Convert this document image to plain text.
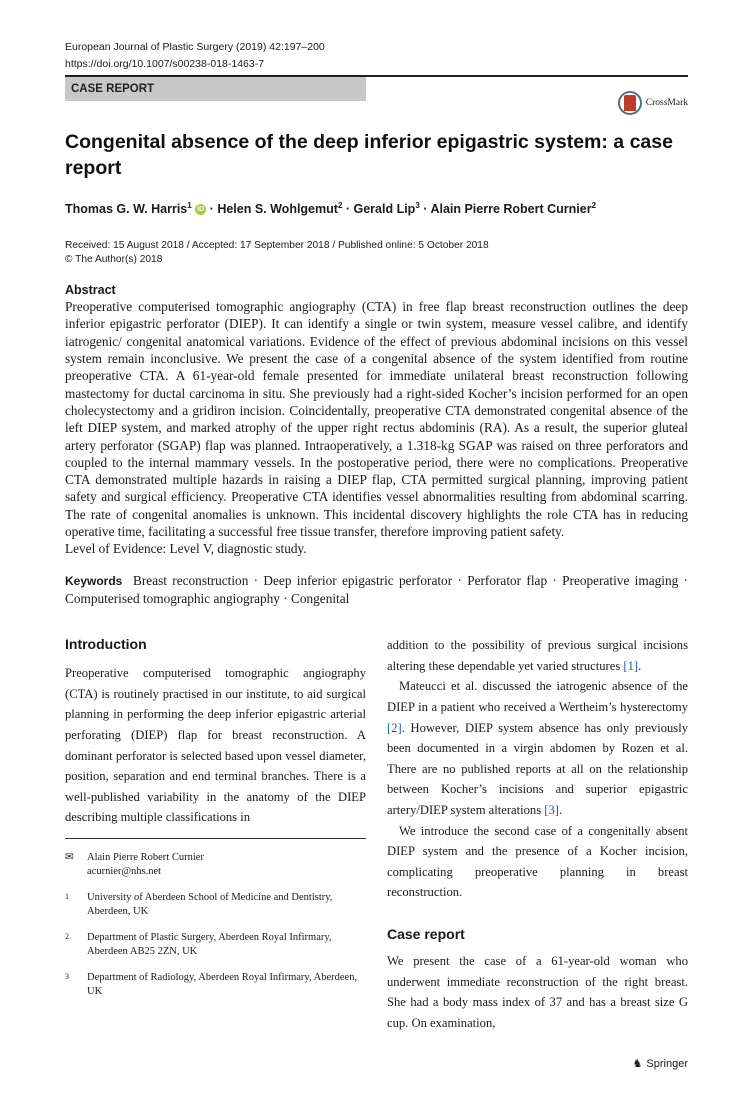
European Journal of Plastic Surgery (2019) 42:197–200
https://doi.org/10.1007/s00238-018-1463-7
CASE REPORT
CrossMark
Congenital absence of the deep inferior epigastric system: a case report
Thomas G. W. Harris$^1$ iD · Helen S. Wohlgemut$^2$ · Gerald Lip$^3$ · Alain Pierre Robert Curnier$^2$
Received: 15 August 2018 / Accepted: 17 September 2018 / Published online: 5 October 2018
© The Author(s) 2018
Abstract
Preoperative computerised tomographic angiography (CTA) in free flap breast reconstruction outlines the deep inferior epigastric perforator (DIEP). It can identify a single or twin system, measure vessel calibre, and identify iatrogenic/ congenital anatomical variations. Evidence of the effect of previous abdominal incisions on this vessel system remain inconclusive. We present the case of a congenital absence of the system identified from routine preoperative CTA. A 61-year-old female presented for immediate unilateral breast reconstruction following mastectomy for ductal carcinoma in situ. She previously had a right-sided Kocher’s incision performed for an open cholecystectomy and a gridiron incision. Coincidentally, preoperative CTA demonstrated congenital absence of the left DIEP system, and marked atrophy of the upper right rectus abdominis (RA). As a result, the superior gluteal artery perforator (SGAP) flap was planned. Intraoperatively, a 1.318-kg SGAP was raised on three perforators and coupled to the internal mammary vessels. In the postoperative period, there were no complications. Preoperative CTA demonstrated multiple hazards in raising a DIEP flap, CTA permitted surgical planning, improving patient safety and surgical efficiency. Preoperative CTA identifies vessel abnormalities resulting from abdominal scarring. The rate of congenital anomalies is unknown. This incidental discovery highlights the role CTA has in reducing operative time, facilitating a successful free tissue transfer, therefore improving patient safety.
Level of Evidence: Level V, diagnostic study.
Keywords Breast reconstruction · Deep inferior epigastric perforator · Perforator flap · Preoperative imaging · Computerised tomographic angiography · Congenital
Introduction

Preoperative computerised tomographic angiography (CTA) is routinely practised in our institute, to aid surgical planning in performing the deep inferior epigastric arterial perforating (DIEP) flap for breast reconstruction. A dominant perforator is selected based upon vessel diameter, position, separation and end terminal branches. There is a well-published variability in the anatomy of the DIEP describing multiple classifications in

✉	Alain Pierre Robert Curnier
acurnier@nhs.net
1	University of Aberdeen School of Medicine and Dentistry, Aberdeen, UK
2	Department of Plastic Surgery, Aberdeen Royal Infirmary, Aberdeen AB25 2ZN, UK
3	Department of Radiology, Aberdeen Royal Infirmary, Aberdeen, UK

addition to the possibility of previous surgical incisions altering these dependable yet varied structures [1].

Mateucci et al. discussed the iatrogenic absence of the DIEP in a patient who received a Wertheim’s hysterectomy [2]. However, DIEP system absence has only previously been documented in a virgin abdomen by Rozen et al. There are no published reports at all on the relationship between Kocher’s incisions and superior epigastric artery/DIEP system alterations [3].

We introduce the second case of a congenitally absent DIEP system and the presence of a Kocher incision, complicating preoperative planning in breast reconstruction.

Case report

We present the case of a 61-year-old woman who underwent immediate reconstruction of the right breast. She had a body mass index of 37 and has a breast size G cup. On examination,

♞ Springer
